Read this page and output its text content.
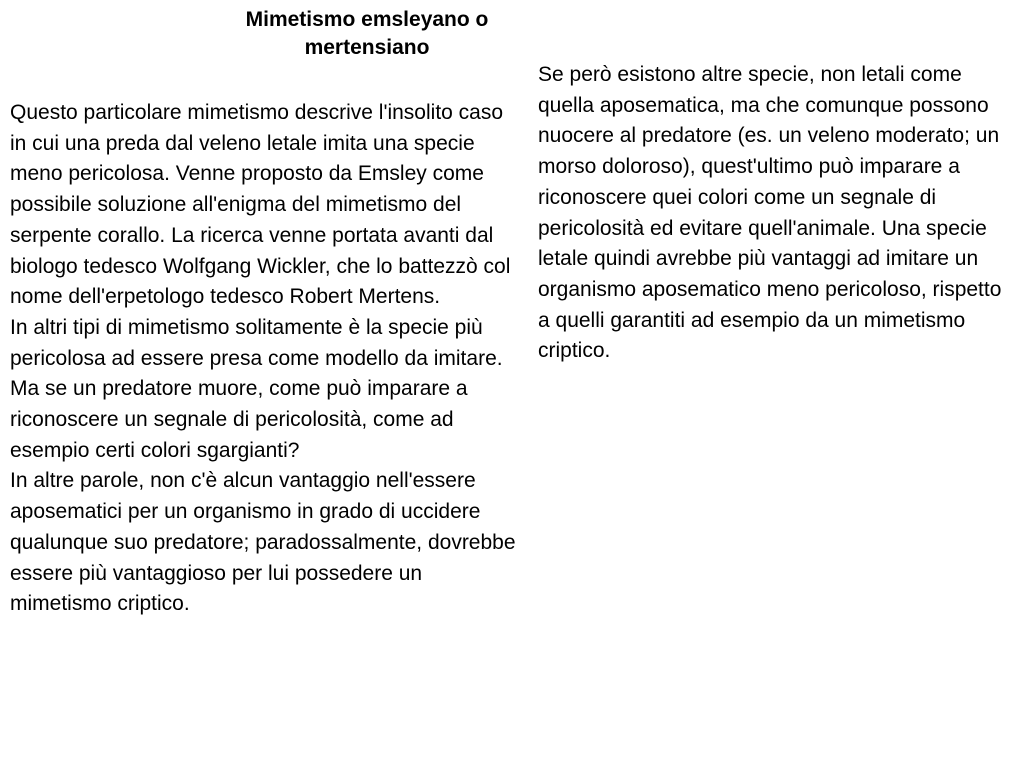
Mimetismo emsleyano o
mertensiano

Questo particolare mimetismo descrive l'insolito caso in cui una preda dal veleno letale imita una specie meno pericolosa. Venne proposto da Emsley come possibile soluzione all'enigma del mimetismo del serpente corallo. La ricerca venne portata avanti dal biologo tedesco Wolfgang Wickler, che lo battezzò col nome dell'erpetologo tedesco Robert Mertens.

In altri tipi di mimetismo solitamente è la specie più pericolosa ad essere presa come modello da imitare. Ma se un predatore muore, come può imparare a riconoscere un segnale di pericolosità, come ad esempio certi colori sgargianti?

In altre parole, non c'è alcun vantaggio nell'essere aposematici per un organismo in grado di uccidere qualunque suo predatore; paradossalmente, dovrebbe essere più vantaggioso per lui possedere un mimetismo criptico.

Se però esistono altre specie, non letali come quella aposematica, ma che comunque possono nuocere al predatore (es. un veleno moderato; un morso doloroso), quest'ultimo può imparare a riconoscere quei colori come un segnale di pericolosità ed evitare quell'animale. Una specie letale quindi avrebbe più vantaggi ad imitare un organismo aposematico meno pericoloso, rispetto a quelli garantiti ad esempio da un mimetismo criptico.
